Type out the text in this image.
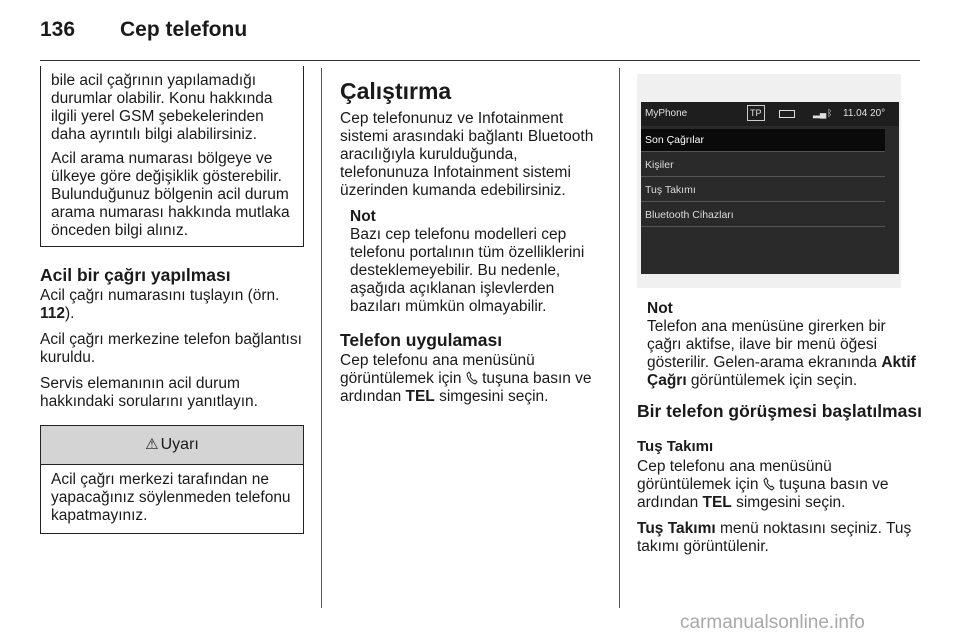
136 Cep telefonu

bile acil çağrının yapılamadığı durumlar olabilir. Konu hakkında ilgili yerel GSM şebekelerinden daha ayrıntılı bilgi alabilirsiniz.

Acil arama numarası bölgeye ve ülkeye göre değişiklik gösterebilir. Bulunduğunuz bölgenin acil durum arama numarası hakkında mutlaka önceden bilgi alınız.

Acil bir çağrı yapılması

Acil çağrı numarasını tuşlayın (örn. 112).

Acil çağrı merkezine telefon bağlantısı kuruldu.

Servis elemanının acil durum hakkındaki sorularını yanıtlayın.

⚠ Uyarı
Acil çağrı merkezi tarafından ne yapacağınız söylenmeden telefonu kapatmayınız.
Çalıştırma

Cep telefonunuz ve Infotainment sistemi arasındaki bağlantı Bluetooth aracılığıyla kurulduğunda, telefonunuza Infotainment sistemi üzerinden kumanda edebilirsiniz.

Not
Bazı cep telefonu modelleri cep telefonu portalının tüm özelliklerini desteklemeyebilir. Bu nedenle, aşağıda açıklanan işlevlerden bazıları mümkün olmayabilir.
Telefon uygulaması

Cep telefonu ana menüsünü görüntülemek için  tuşuna basın ve ardından TEL simgesini seçin.

MyPhone	TP	▂▄ ᛒ 11.04 20°
Son Çağrılar
Kişiler
Tuş Takımı
Bluetooth Cihazları
Not
Telefon ana menüsüne girerken bir çağrı aktifse, ilave bir menü öğesi gösterilir. Gelen-arama ekranında Aktif Çağrı görüntülemek için seçin.
Bir telefon görüşmesi başlatılması
Tuş Takımı

Cep telefonu ana menüsünü görüntülemek için  tuşuna basın ve ardından TEL simgesini seçin.

Tuş Takımı menü noktasını seçiniz. Tuş takımı görüntülenir.

carmanualsonline.info
